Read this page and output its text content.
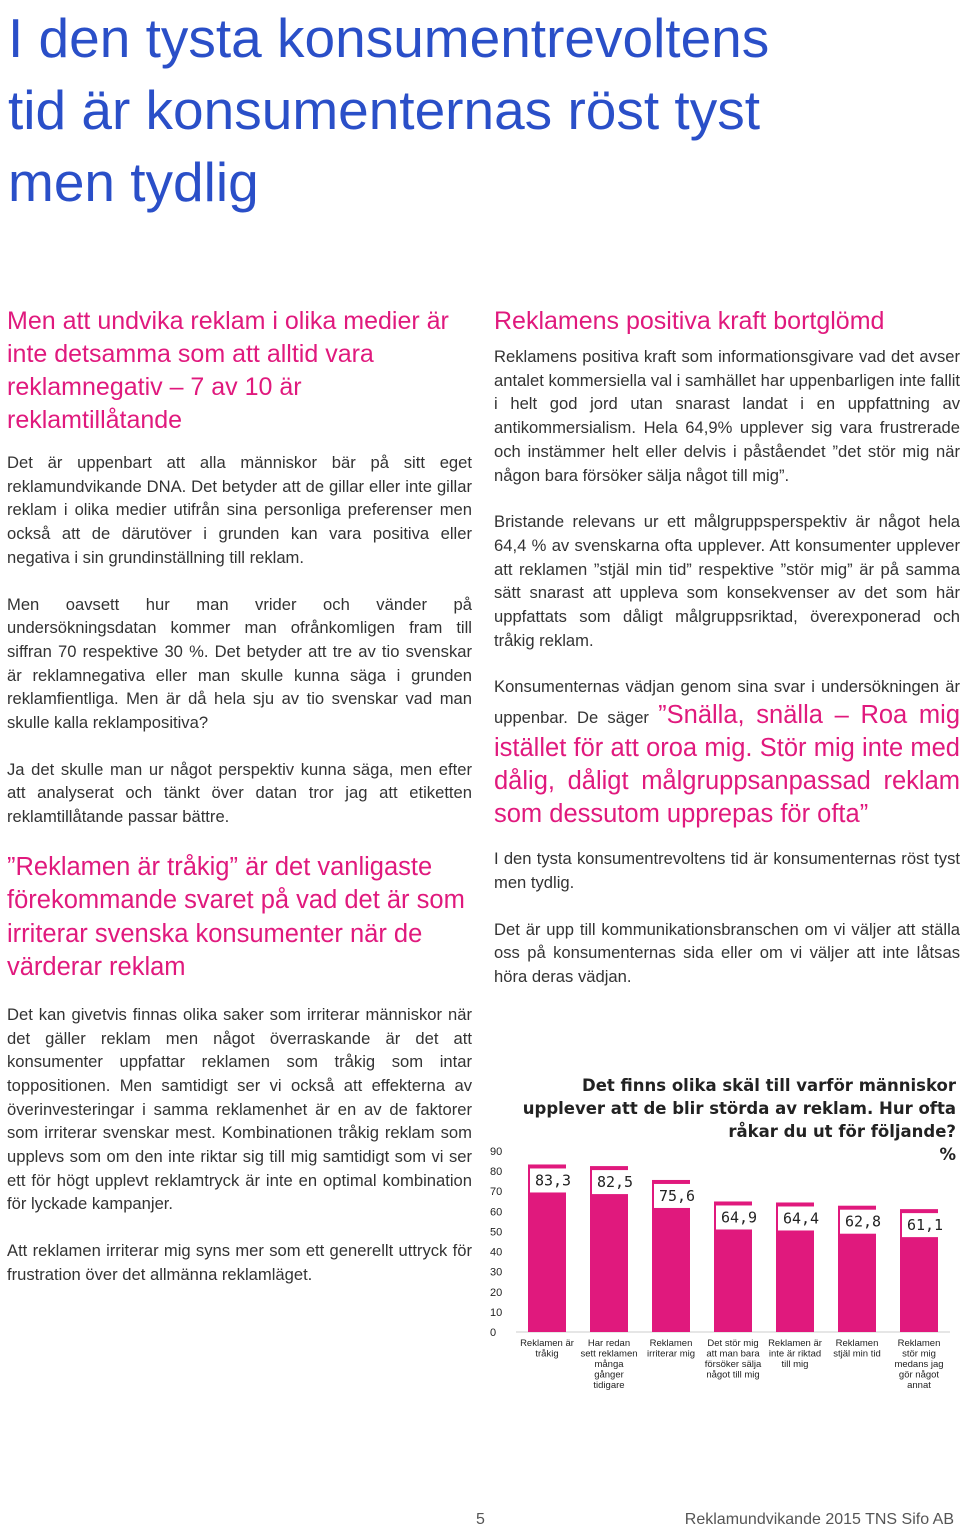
I den tysta konsumentrevoltens
tid är konsumenternas röst tyst
men tydlig
Men att undvika reklam i olika medier är inte detsamma som att alltid vara reklamnegativ – 7 av 10 är reklamtillåtande

Det är uppenbart att alla människor bär på sitt eget reklamundvikande DNA. Det betyder att de gillar eller inte gillar reklam i olika medier utifrån sina personliga preferenser men också att de därutöver i grunden kan vara positiva eller negativa i sin grundinställning till reklam.

Men oavsett hur man vrider och vänder på undersökningsdatan kommer man ofrånkomligen fram till siffran 70 respektive 30 %. Det betyder att tre av tio svenskar är reklamnegativa eller man skulle kunna säga i grunden reklamfientliga. Men är då hela sju av tio svenskar vad man skulle kalla reklampositiva?

Ja det skulle man ur något perspektiv kunna säga, men efter att analyserat och tänkt över datan tror jag att etiketten reklamtillåtande passar bättre.

”Reklamen är tråkig” är det vanligaste förekommande svaret på vad det är som irriterar svenska konsumenter när de värderar reklam

Det kan givetvis finnas olika saker som irriterar människor när det gäller reklam men något överraskande är det att konsumenter uppfattar reklamen som tråkig som intar toppositionen. Men samtidigt ser vi också att effekterna av överinvesteringar i samma reklamenhet är en av de faktorer som irriterar svenskar mest. Kombinationen tråkig reklam som upplevs som om den inte riktar sig till mig samtidigt som vi ser ett för högt upplevt reklamtryck är inte en optimal kombination för lyckade kampanjer.

Att reklamen irriterar mig syns mer som ett generellt uttryck för frustration över det allmänna reklamläget.

Reklamens positiva kraft bortglömd

Reklamens positiva kraft som informationsgivare vad det avser antalet kommersiella val i samhället har uppenbarligen inte fallit i helt god jord utan snarast landat i en uppfattning av antikommersialism. Hela 64,9% upplever sig vara frustrerade och instämmer helt eller delvis i påståendet ”det stör mig när någon bara försöker sälja något till mig”.

Bristande relevans ur ett målgruppsperspektiv är något hela 64,4 % av svenskarna ofta upplever. Att konsumenter upplever att reklamen ”stjäl min tid” respektive ”stör mig” är på samma sätt snarast att uppleva som konsekvenser av det som här uppfattats som dåligt målgruppsriktad, överexponerad och tråkig reklam.

Konsumenternas vädjan genom sina svar i undersökningen är uppenbar. De säger ”Snälla, snälla – Roa mig istället för att oroa mig. Stör mig inte med dålig, dåligt målgruppsanpassad reklam som dessutom upprepas för ofta”

I den tysta konsumentrevoltens tid är konsumenternas röst tyst men tydlig.

Det är upp till kommunikationsbranschen om vi väljer att ställa oss på konsumenternas sida eller om vi väljer att inte låtsas höra deras vädjan.

0
10
20
30
40
50
60
70
80
90
83,3
Reklamen är
tråkig
82,5
Har redan
sett reklamen
många
gånger
tidigare
75,6
Reklamen
irriterar mig
64,9
Det stör mig
att man bara
försöker sälja
något till mig
64,4
Reklamen är
inte är riktad
till mig
62,8
Reklamen
stjäl min tid
61,1
Reklamen
stör mig
medans jag
gör något
annat
Det finns olika skäl till varför människor
upplever att de blir störda av reklam. Hur ofta
råkar du ut för följande?
%
5	Reklamundvikande 2015 TNS Sifo AB
